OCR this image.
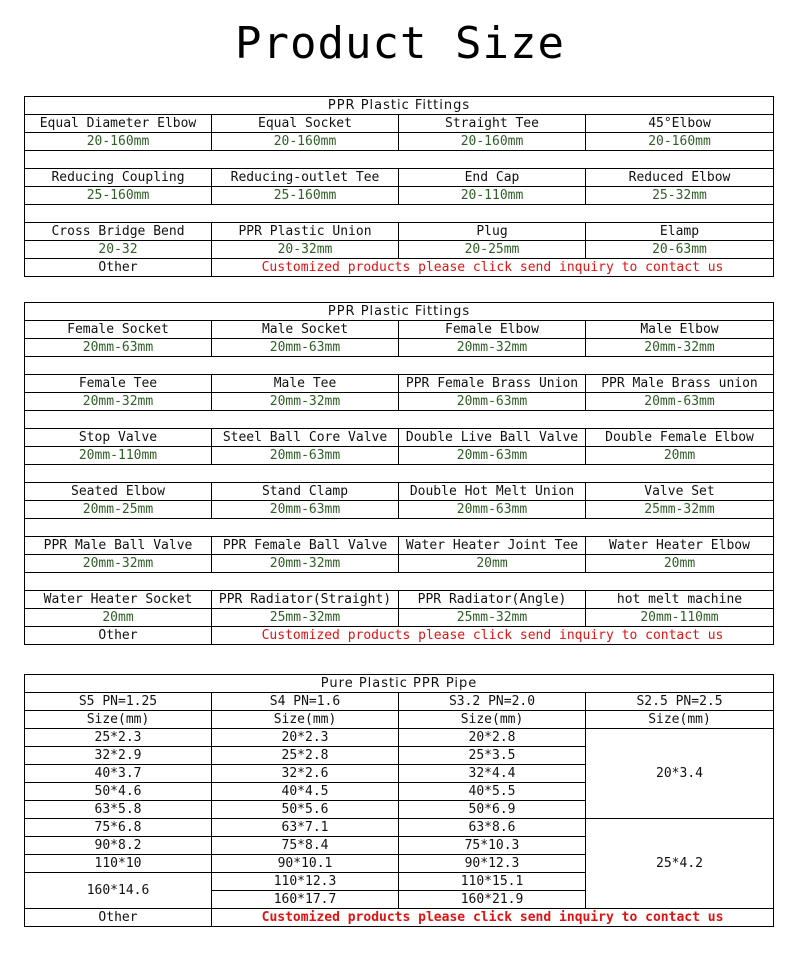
Product Size
PPR Plastic Fittings			
Equal Diameter Elbow	Equal Socket	Straight Tee	45°Elbow
20-160mm	20-160mm	20-160mm	20-160mm

Reducing Coupling	Reducing-outlet Tee	End Cap	Reduced Elbow
25-160mm	25-160mm	20-110mm	25-32mm

Cross Bridge Bend	PPR Plastic Union	Plug	Elamp
20-32	20-32mm	20-25mm	20-63mm
Other	Customized products please click send inquiry to contact us		
PPR Plastic Fittings			
Female Socket	Male Socket	Female Elbow	Male Elbow
20mm-63mm	20mm-63mm	20mm-32mm	20mm-32mm

Female Tee	Male Tee	PPR Female Brass Union	PPR Male Brass union
20mm-32mm	20mm-32mm	20mm-63mm	20mm-63mm

Stop Valve	Steel Ball Core Valve	Double Live Ball Valve	Double Female Elbow
20mm-110mm	20mm-63mm	20mm-63mm	20mm

Seated Elbow	Stand Clamp	Double Hot Melt Union	Valve Set
20mm-25mm	20mm-63mm	20mm-63mm	25mm-32mm

PPR Male Ball Valve	PPR Female Ball Valve	Water Heater Joint Tee	Water Heater Elbow
20mm-32mm	20mm-32mm	20mm	20mm

Water Heater Socket	PPR Radiator(Straight)	PPR Radiator(Angle)	hot melt machine
20mm	25mm-32mm	25mm-32mm	20mm-110mm
Other	Customized products please click send inquiry to contact us		
Pure Plastic PPR Pipe			
S5 PN=1.25	S4 PN=1.6	S3.2 PN=2.0	S2.5 PN=2.5
Size(mm)	Size(mm)	Size(mm)	Size(mm)
25*2.3	20*2.3	20*2.8	20*3.4
32*2.9	25*2.8	25*3.5	
40*3.7	32*2.6	32*4.4	
50*4.6	40*4.5	40*5.5	
63*5.8	50*5.6	50*6.9	
75*6.8	63*7.1	63*8.6	25*4.2
90*8.2	75*8.4	75*10.3	
110*10	90*10.1	90*12.3	
160*14.6	110*12.3	110*15.1	
	160*17.7	160*21.9	
Other	Customized products please click send inquiry to contact us		
